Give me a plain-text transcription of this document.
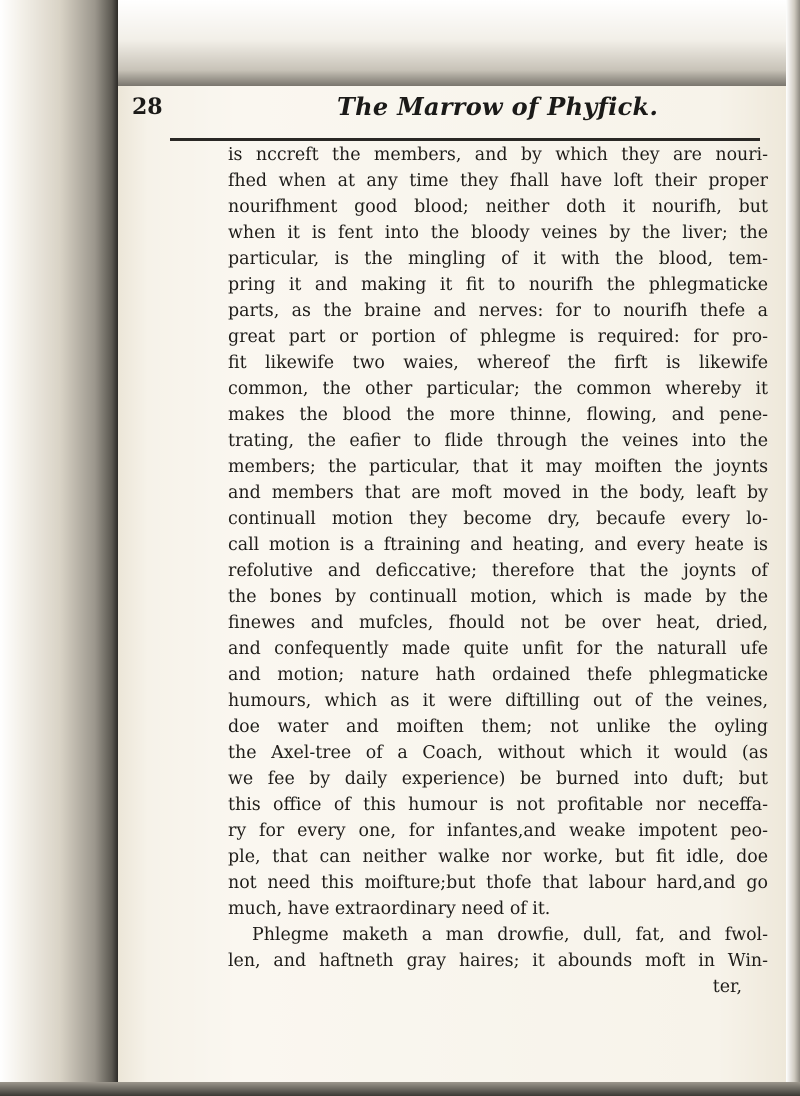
28	The Marrow of Phyfick.
is nccreft the members, and by which they are nouri-
fhed when at any time they fhall have loft their proper
nourifhment good blood; neither doth it nourifh, but
when it is fent into the bloody veines by the liver; the
particular, is the mingling of it with the blood, tem-
pring it and making it fit to nourifh the phlegmaticke
parts, as the braine and nerves: for to nourifh thefe a
great part or portion of phlegme is required: for pro-
fit likewife two waies, whereof the firft is likewife
common, the other particular; the common whereby it
makes the blood the more thinne, flowing, and pene-
trating, the eafier to flide through the veines into the
members; the particular, that it may moiften the joynts
and members that are moft moved in the body, leaft by
continuall motion they become dry, becaufe every lo-
call motion is a ftraining and heating, and every heate is
refolutive and deficcative; therefore that the joynts of
the bones by continuall motion, which is made by the
finewes and mufcles, fhould not be over heat, dried,
and confequently made quite unfit for the naturall ufe
and motion; nature hath ordained thefe phlegmaticke
humours, which as it were diftilling out of the veines,
doe water and moiften them; not unlike the oyling
the Axel-tree of a Coach, without which it would (as
we fee by daily experience) be burned into duft; but
this office of this humour is not profitable nor neceffa-
ry for every one, for infantes,and weake impotent peo-
ple, that can neither walke nor worke, but fit idle, doe
not need this moifture;but thofe that labour hard,and go
much, have extraordinary need of it.
Phlegme maketh a man drowfie, dull, fat, and fwol-
len, and haftneth gray haires; it abounds moft in Win-
ter,
